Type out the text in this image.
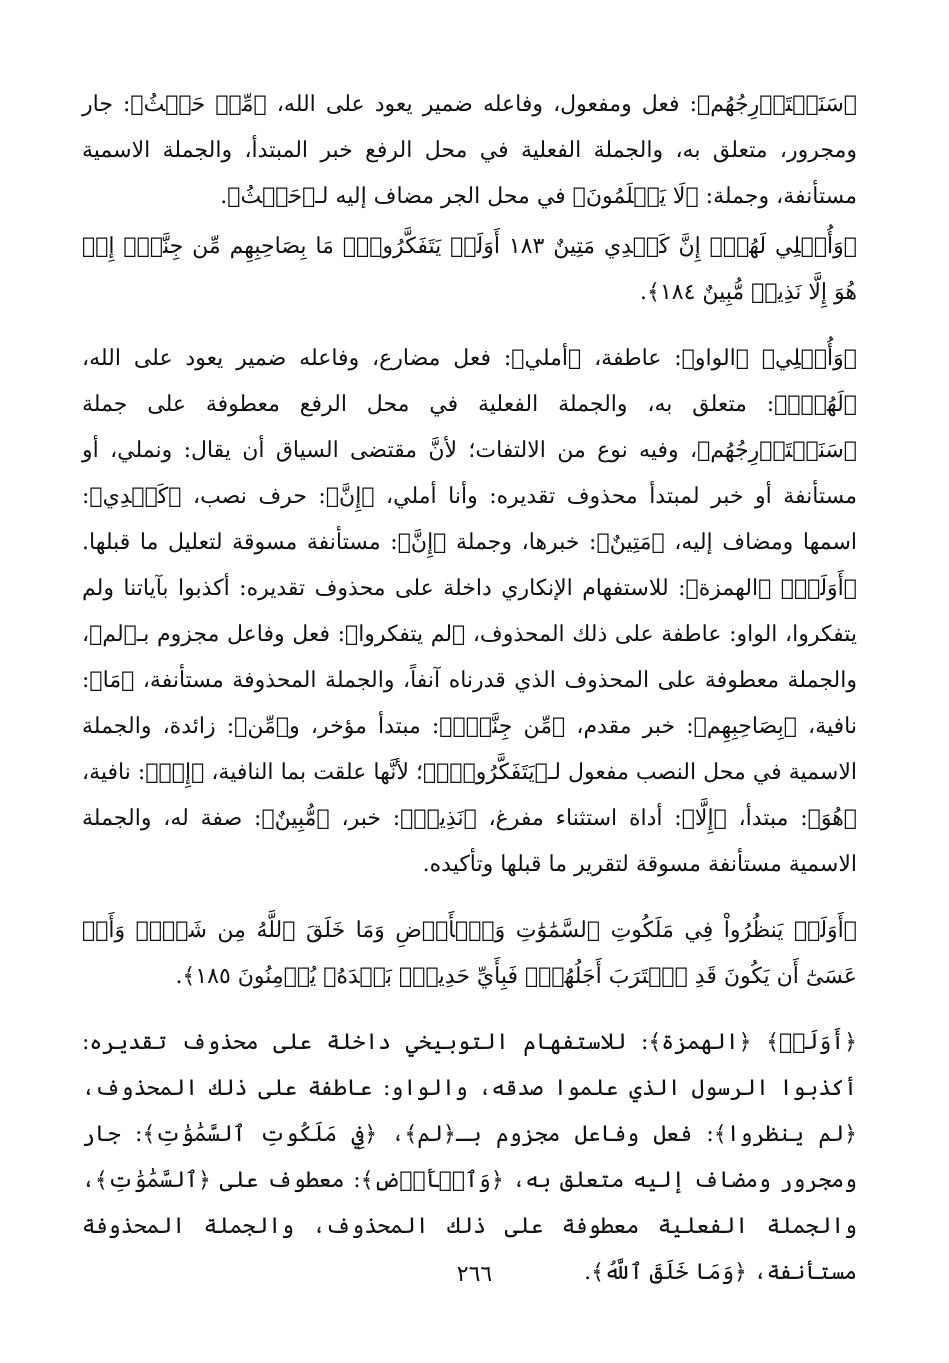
﴿سَنَسۡتَدۡرِجُهُم﴾: فعل ومفعول، وفاعله ضمير يعود على الله، ﴿مِّنۡ حَيۡثُ﴾: جار ومجرور، متعلق به، والجملة الفعلية في محل الرفع خبر المبتدأ، والجملة الاسمية مستأنفة، وجملة: ﴿لَا يَعۡلَمُونَ﴾ في محل الجر مضاف إليه لـ﴿حَيۡثُ﴾.

﴿وَأُمۡلِي لَهُمۡۚ إِنَّ كَيۡدِي مَتِينٌ ١٨٣ أَوَلَمۡ يَتَفَكَّرُواْۗ مَا بِصَاحِبِهِم مِّن جِنَّةٍۚ إِنۡ هُوَ إِلَّا نَذِيرٞ مُّبِينٌ ١٨٤﴾.

﴿وَأُمۡلِي﴾ ﴿الواو﴾: عاطفة، ﴿أملي﴾: فعل مضارع، وفاعله ضمير يعود على الله، ﴿لَهُمۡۚ﴾: متعلق به، والجملة الفعلية في محل الرفع معطوفة على جملة ﴿سَنَسۡتَدۡرِجُهُم﴾، وفيه نوع من الالتفات؛ لأنَّ مقتضى السياق أن يقال: ونملي، أو مستأنفة أو خبر لمبتدأ محذوف تقديره: وأنا أملي، ﴿إِنَّ﴾: حرف نصب، ﴿كَيۡدِي﴾: اسمها ومضاف إليه، ﴿مَتِينٌ﴾: خبرها، وجملة ﴿إِنَّ﴾: مستأنفة مسوقة لتعليل ما قبلها. ﴿أَوَلَمۡ﴾ ﴿الهمزة﴾: للاستفهام الإنكاري داخلة على محذوف تقديره: أكذبوا بآياتنا ولم يتفكروا، الواو: عاطفة على ذلك المحذوف، ﴿لم يتفكروا﴾: فعل وفاعل مجزوم بـ﴿لم﴾، والجملة معطوفة على المحذوف الذي قدرناه آنفاً، والجملة المحذوفة مستأنفة، ﴿مَا﴾: نافية، ﴿بِصَاحِبِهِم﴾: خبر مقدم، ﴿مِّن جِنَّةٍۚ﴾: مبتدأ مؤخر، و﴿مِّن﴾: زائدة، والجملة الاسمية في محل النصب مفعول لـ﴿يَتَفَكَّرُواْۗ﴾؛ لأنَّها علقت بما النافية، ﴿إِنۡ﴾: نافية، ﴿هُوَ﴾: مبتدأ، ﴿إِلَّا﴾: أداة استثناء مفرغ، ﴿نَذِيرٞ﴾: خبر، ﴿مُّبِينٌ﴾: صفة له، والجملة الاسمية مستأنفة مسوقة لتقرير ما قبلها وتأكيده.

﴿أَوَلَمۡ يَنظُرُواْ فِي مَلَكُوتِ ٱلسَّمَٰوَٰتِ وَٱلۡأَرۡضِ وَمَا خَلَقَ ٱللَّهُ مِن شَيۡءٖ وَأَنۡ عَسَىٰٓ أَن يَكُونَ قَدِ ٱقۡتَرَبَ أَجَلُهُمۡۖ فَبِأَيِّ حَدِيثِۭ بَعۡدَهُۥ يُؤۡمِنُونَ ١٨٥﴾.

﴿أَوَلَمۡ﴾ ﴿الهمزة﴾: للاستفهام التوبيخي داخلة على محذوف تقديره: أكذبوا الرسول الذي علموا صدقه، والواو: عاطفة على ذلك المحذوف، ﴿لم ينظروا﴾: فعل وفاعل مجزوم بـ﴿لم﴾، ﴿فِي مَلَكُوتِ ٱلسَّمَٰوَٰتِ﴾: جار ومجرور ومضاف إليه متعلق به، ﴿وَٱلۡأَرۡضِ﴾: معطوف على ﴿ٱلسَّمَٰوَٰتِ﴾، والجملة الفعلية معطوفة على ذلك المحذوف، والجملة المحذوفة مستأنفة، ﴿وَمَا خَلَقَ ٱللَّهُ﴾.

٢٦٦
